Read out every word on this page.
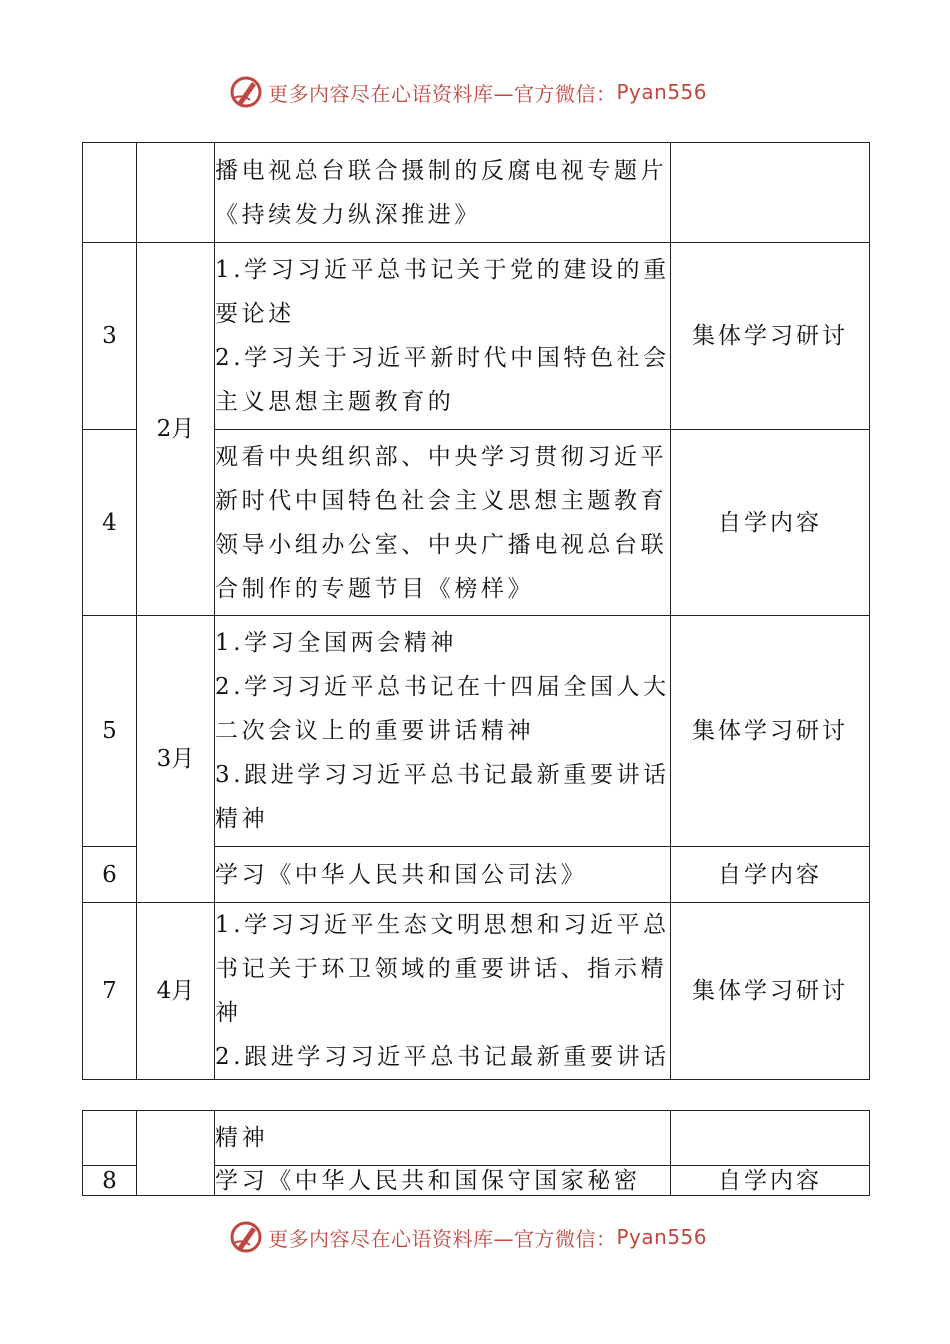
更多内容尽在心语资料库—官方微信： Pyan556

		播电视总台联合摄制的反腐电视专题片
《持续发力纵深推进》	

3	2月	1.学习习近平总书记关于党的建设的重
要论述
2.学习关于习近平新时代中国特色社会
主义思想主题教育的	集体学习研讨
4		观看中央组织部、中央学习贯彻习近平
新时代中国特色社会主义思想主题教育
领导小组办公室、中央广播电视总台联
合制作的专题节目《榜样》	自学内容
5	3月	1.学习全国两会精神
2.学习习近平总书记在十四届全国人大
二次会议上的重要讲话精神
3.跟进学习习近平总书记最新重要讲话
精神	集体学习研讨
6		学习《中华人民共和国公司法》	自学内容
7	4月	1.学习习近平生态文明思想和习近平总
书记关于环卫领域的重要讲话、指示精
神
2.跟进学习习近平总书记最新重要讲话	集体学习研讨

		精神	

8		学习《中华人民共和国保守国家秘密	自学内容
更多内容尽在心语资料库—官方微信： Pyan556
